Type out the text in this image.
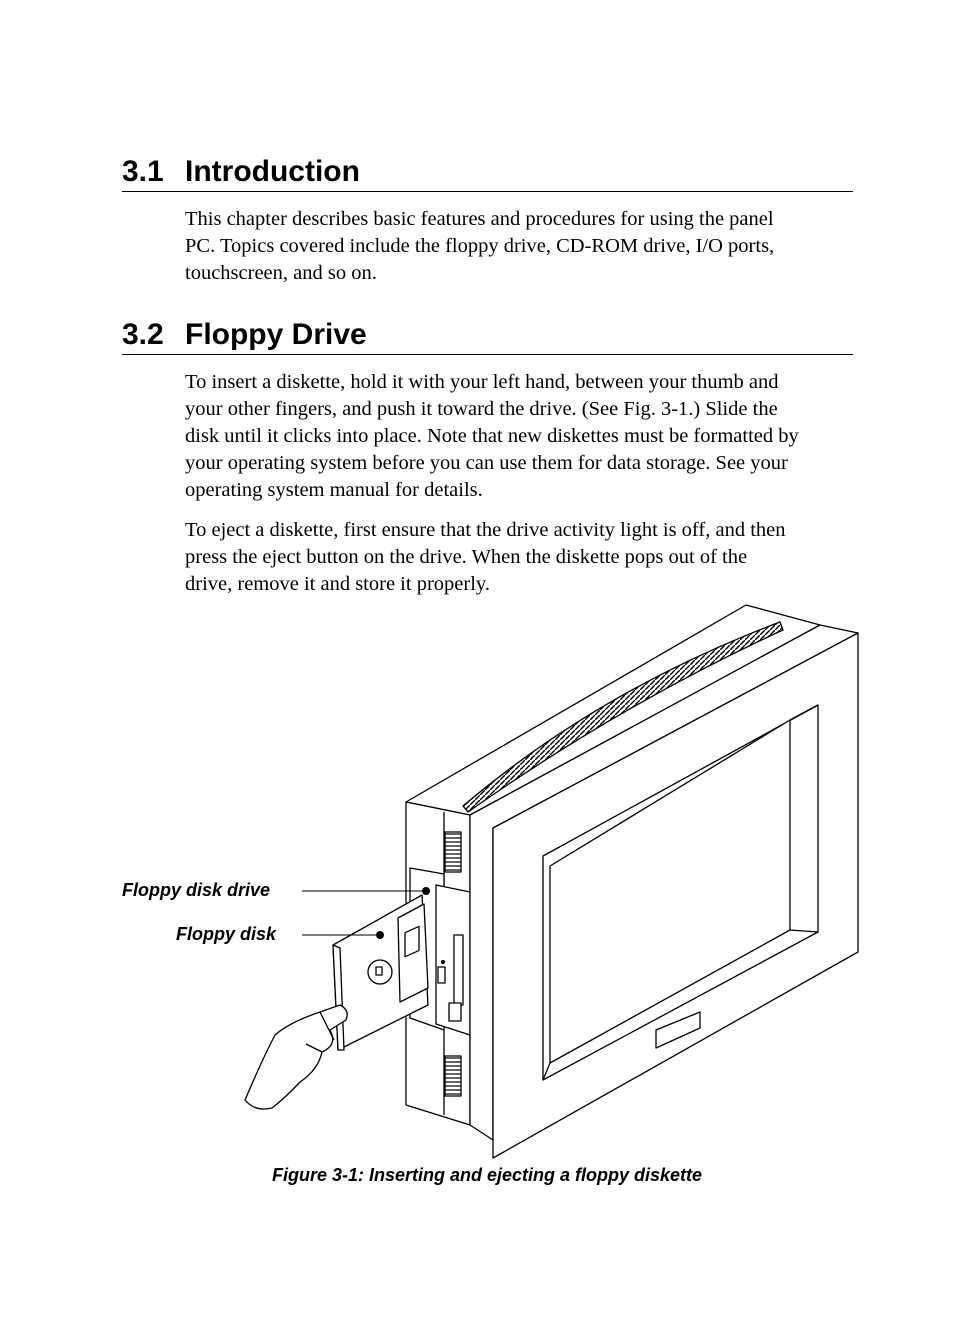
3.1 Introduction

This chapter describes basic features and procedures for using the panel
PC. Topics covered include the floppy drive, CD-ROM drive, I/O ports,
touchscreen, and so on.

3.2 Floppy Drive

To insert a diskette, hold it with your left hand, between your thumb and
your other fingers, and push it toward the drive. (See Fig. 3-1.) Slide the
disk until it clicks into place. Note that new diskettes must be formatted by
your operating system before you can use them for data storage. See your
operating system manual for details.

To eject a diskette, first ensure that the drive activity light is off, and then
press the eject button on the drive. When the diskette pops out of the
drive, remove it and store it properly.

Floppy disk drive
Floppy disk
Figure 3-1: Inserting and ejecting a floppy diskette
